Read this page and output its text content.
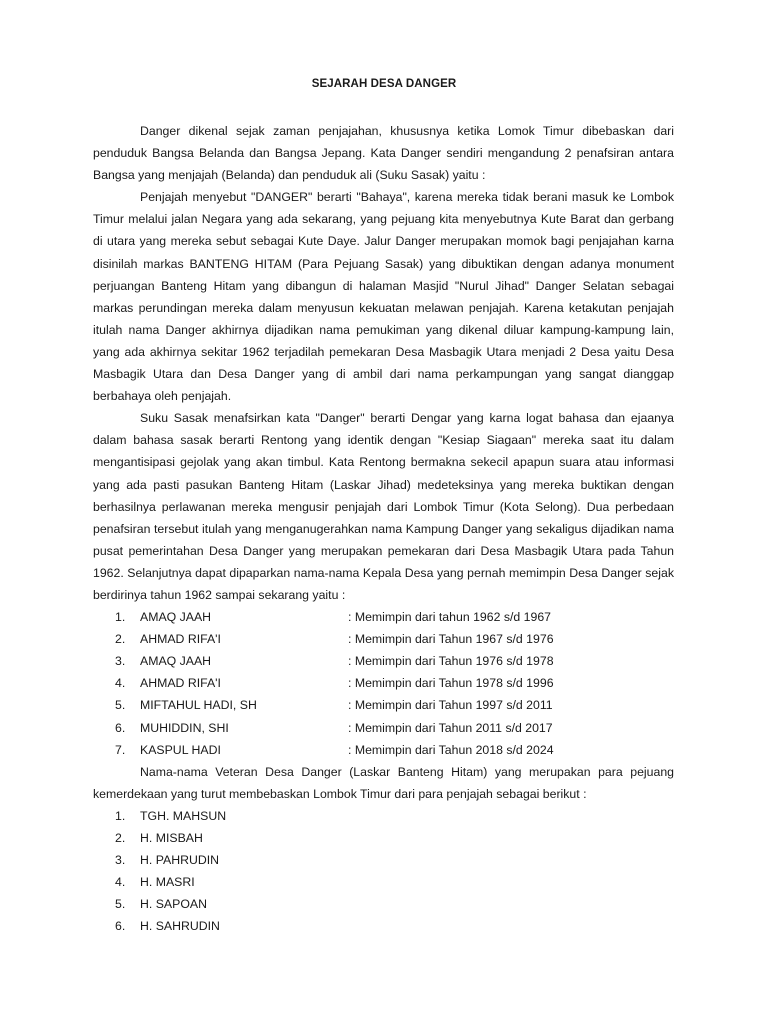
SEJARAH DESA DANGER

Danger dikenal sejak zaman penjajahan, khususnya ketika Lomok Timur dibebaskan dari penduduk Bangsa Belanda dan Bangsa Jepang. Kata Danger sendiri mengandung 2 penafsiran antara Bangsa yang menjajah (Belanda) dan penduduk ali (Suku Sasak) yaitu :

Penjajah menyebut "DANGER" berarti "Bahaya", karena mereka tidak berani masuk ke Lombok Timur melalui jalan Negara yang ada sekarang, yang pejuang kita menyebutnya Kute Barat dan gerbang di utara yang mereka sebut sebagai Kute Daye. Jalur Danger merupakan momok bagi penjajahan karna disinilah markas BANTENG HITAM (Para Pejuang Sasak) yang dibuktikan dengan adanya monument perjuangan Banteng Hitam yang dibangun di halaman Masjid "Nurul Jihad" Danger Selatan sebagai markas perundingan mereka dalam menyusun kekuatan melawan penjajah. Karena ketakutan penjajah itulah nama Danger akhirnya dijadikan nama pemukiman yang dikenal diluar kampung-kampung lain, yang ada akhirnya sekitar 1962 terjadilah pemekaran Desa Masbagik Utara menjadi 2 Desa yaitu Desa Masbagik Utara dan Desa Danger yang di ambil dari nama perkampungan yang sangat dianggap berbahaya oleh penjajah.

Suku Sasak menafsirkan kata "Danger" berarti Dengar yang karna logat bahasa dan ejaanya dalam bahasa sasak berarti Rentong yang identik dengan "Kesiap Siagaan" mereka saat itu dalam mengantisipasi gejolak yang akan timbul. Kata Rentong bermakna sekecil apapun suara atau informasi yang ada pasti pasukan Banteng Hitam (Laskar Jihad) medeteksinya yang mereka buktikan dengan berhasilnya perlawanan mereka mengusir penjajah dari Lombok Timur (Kota Selong). Dua perbedaan penafsiran tersebut itulah yang menganugerahkan nama Kampung Danger yang sekaligus dijadikan nama pusat pemerintahan Desa Danger yang merupakan pemekaran dari Desa Masbagik Utara pada Tahun 1962. Selanjutnya dapat dipaparkan nama-nama Kepala Desa yang pernah memimpin Desa Danger sejak berdirinya tahun 1962 sampai sekarang yaitu :

1. AMAQ JAAH	: Memimpin dari tahun 1962 s/d 1967
2. AHMAD RIFA'I	: Memimpin dari Tahun 1967 s/d 1976
3. AMAQ JAAH	: Memimpin dari Tahun 1976 s/d 1978
4. AHMAD RIFA'I	: Memimpin dari Tahun 1978 s/d 1996
5. MIFTAHUL HADI, SH	: Memimpin dari Tahun 1997 s/d 2011
6. MUHIDDIN, SHI	: Memimpin dari Tahun 2011 s/d 2017
7. KASPUL HADI	: Memimpin dari Tahun 2018 s/d 2024

Nama-nama Veteran Desa Danger (Laskar Banteng Hitam) yang merupakan para pejuang kemerdekaan yang turut membebaskan Lombok Timur dari para penjajah sebagai berikut :

1. TGH. MAHSUN
2. H. MISBAH
3. H. PAHRUDIN
4. H. MASRI
5. H. SAPOAN
6. H. SAHRUDIN
